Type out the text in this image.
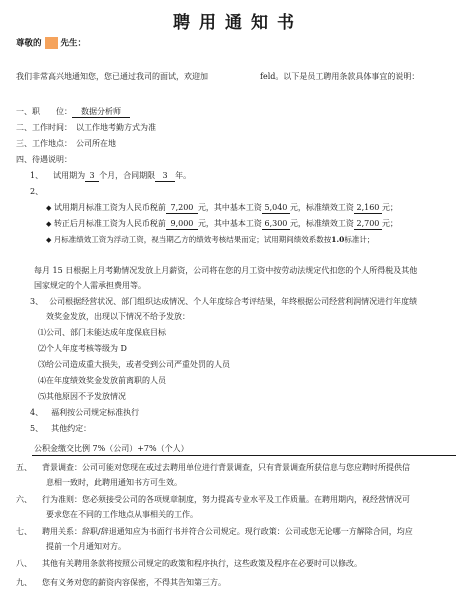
聘用通知书
尊敬的 先生：
我们非常高兴地通知您，您已通过我司的面试，欢迎加	feld。以下是员工聘用条款具体事宜的说明：
一、职　　位： 数据分析师
二、工作时间：　以工作地考勤方式为准
三、工作地点：　公司所在地
四、待遇说明：
1、 试用期为 3 个月，合同期限 3 年。
2、
◆ 试用期月标准工资为人民币税前 7,200 元，其中基本工资 5,040 元，标准绩效工资 2,160 元；
◆ 转正后月标准工资为人民币税前 9,000 元，其中基本工资 6,300 元，标准绩效工资 2,700 元；
◆ 月标准绩效工资为浮动工资，视当期乙方的绩效考核结果而定；试用期间绩效系数按1.0标准计；
每月 15 日根据上月考勤情况发放上月薪资，公司将在您的月工资中按劳动法规定代扣您的个人所得税及其他
国家规定的个人需承担费用等。
3、 公司根据经营状况、部门组织达成情况、个人年度综合考评结果，年终根据公司经营利润情况进行年度绩
效奖金发放，出现以下情况不给予发放：
⑴公司、部门未能达成年度保底目标
⑵个人年度考核等级为 D
⑶给公司造成重大损失，或者受到公司严重处罚的人员
⑷在年度绩效奖金发放前离职的人员
⑸其他原因不予发放情况
4、 福利按公司规定标准执行
5、 其他约定：
公积金缴交比例 7%（公司）+7%（个人）
五、 背景调查：公司可能对您现在或过去聘用单位进行背景调查，只有背景调查所获信息与您应聘时所提供信
息相一致时，此聘用通知书方可生效。
六、 行为准则：您必须接受公司的各项规章制度，努力提高专业水平及工作质量。在聘用期内，视经营情况可
要求您在不同的工作地点从事相关的工作。
七、 聘用关系：辞职/辞退通知应为书面行书并符合公司规定。现行政策：公司或您无论哪一方解除合同，均应
提前一个月通知对方。
八、 其他有关聘用条款将按照公司规定的政策和程序执行，这些政策及程序在必要时可以修改。
九、 您有义务对您的薪资内容保密，不得其告知第三方。
